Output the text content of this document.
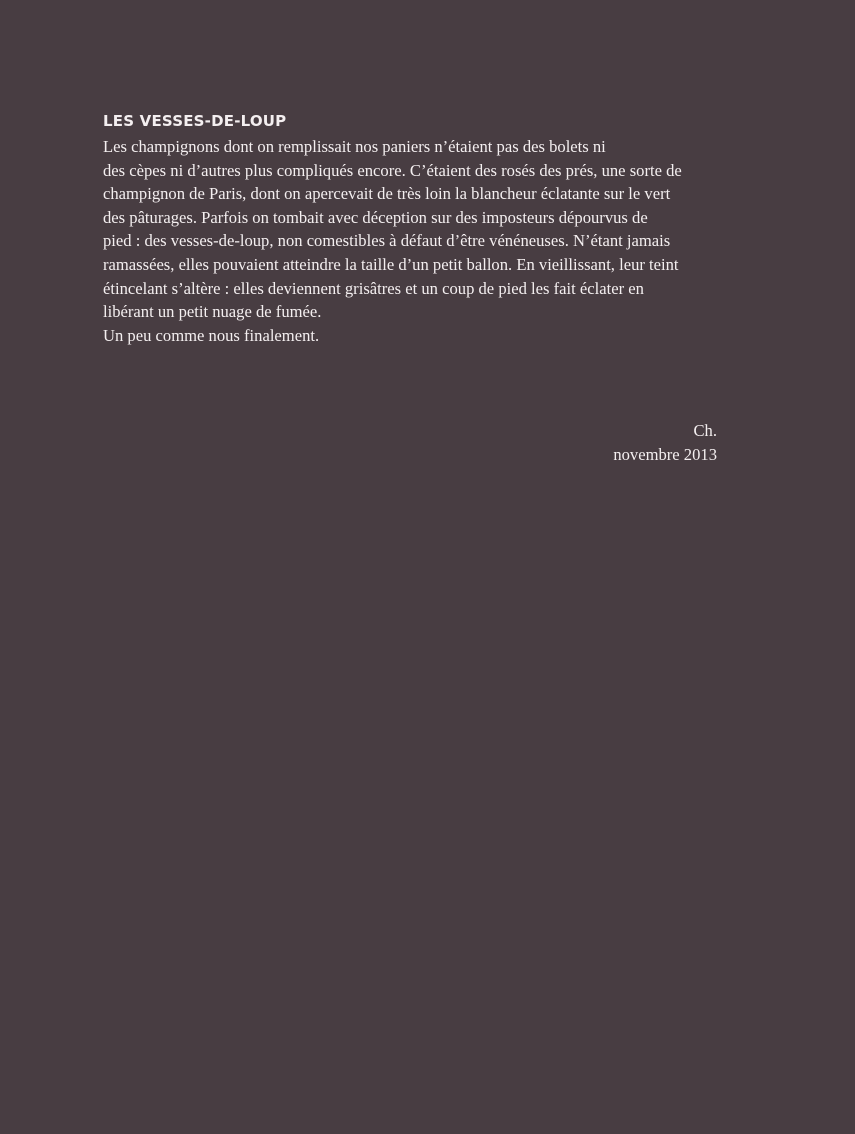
LES VESSES-DE-LOUP

Les champignons dont on remplissait nos paniers n’étaient pas des bolets ni
des cèpes ni d’autres plus compliqués encore. C’étaient des rosés des prés, une sorte de
champignon de Paris, dont on apercevait de très loin la blancheur éclatante sur le vert
des pâturages. Parfois on tombait avec déception sur des imposteurs dépourvus de
pied : des vesses-de-loup, non comestibles à défaut d’être vénéneuses. N’étant jamais
ramassées, elles pouvaient atteindre la taille d’un petit ballon. En vieillissant, leur teint
étincelant s’altère : elles deviennent grisâtres et un coup de pied les fait éclater en
libérant un petit nuage de fumée.
Un peu comme nous finalement.

Ch.
novembre 2013
